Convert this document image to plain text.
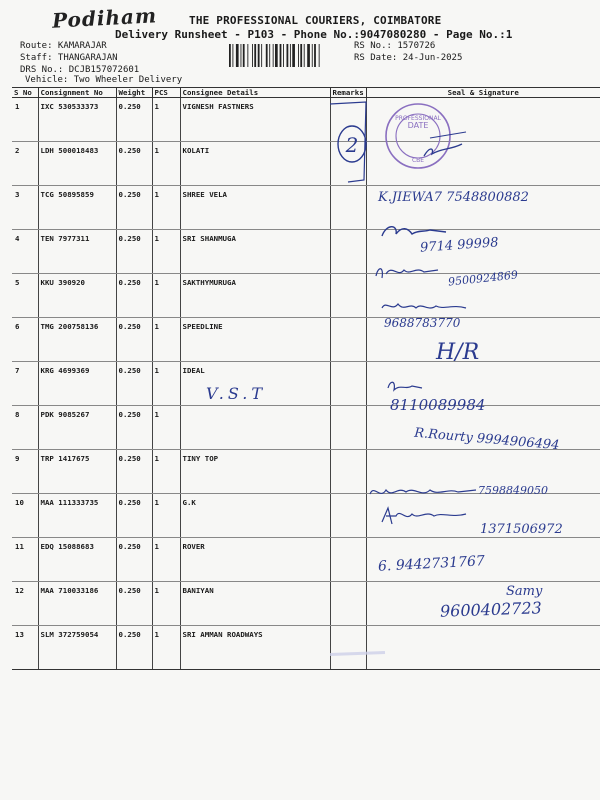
Podiham	THE PROFESSIONAL COURIERS, COIMBATORE
Delivery Runsheet - P103 - Phone No.:9047080280 - Page No.:1
Route: KAMARAJAR
Staff: THANGARAJAN
DRS No.: DCJB157072601
Vehicle: Two Wheeler Delivery
RS No.: 1570726
RS Date: 24-Jun-2025
S No	Consignment No	Weight	PCS	Consignee Details	Remarks	Seal & Signature
1	IXC 530533373	0.250	1	VIGNESH FASTNERS		
2	LDH 500018483	0.250	1	KOLATI		
3	TCG 50895859	0.250	1	SHREE VELA		
4	TEN 7977311	0.250	1	SRI SHANMUGA		
5	KKU 390920	0.250	1	SAKTHYMURUGA		
6	TMG 200758136	0.250	1	SPEEDLINE		
7	KRG 4699369	0.250	1	IDEAL		
8	PDK 9085267	0.250	1			
9	TRP 1417675	0.250	1	TINY TOP		
10	MAA 111333735	0.250	1	G.K		
11	EDQ 15088683	0.250	1	ROVER		
12	MAA 710033186	0.250	1	BANIYAN		
13	SLM 372759054	0.250	1	SRI AMMAN ROADWAYS		
PROFESSIONAL
DATE
CBE
2
K.JIEWA7 7548800882
9714 99998
9500924869
9688783770
H/R
V.S.T
8110089984
R.Rourty 9994906494
7598849050
1371506972
6. 9442731767
Samy
9600402723
